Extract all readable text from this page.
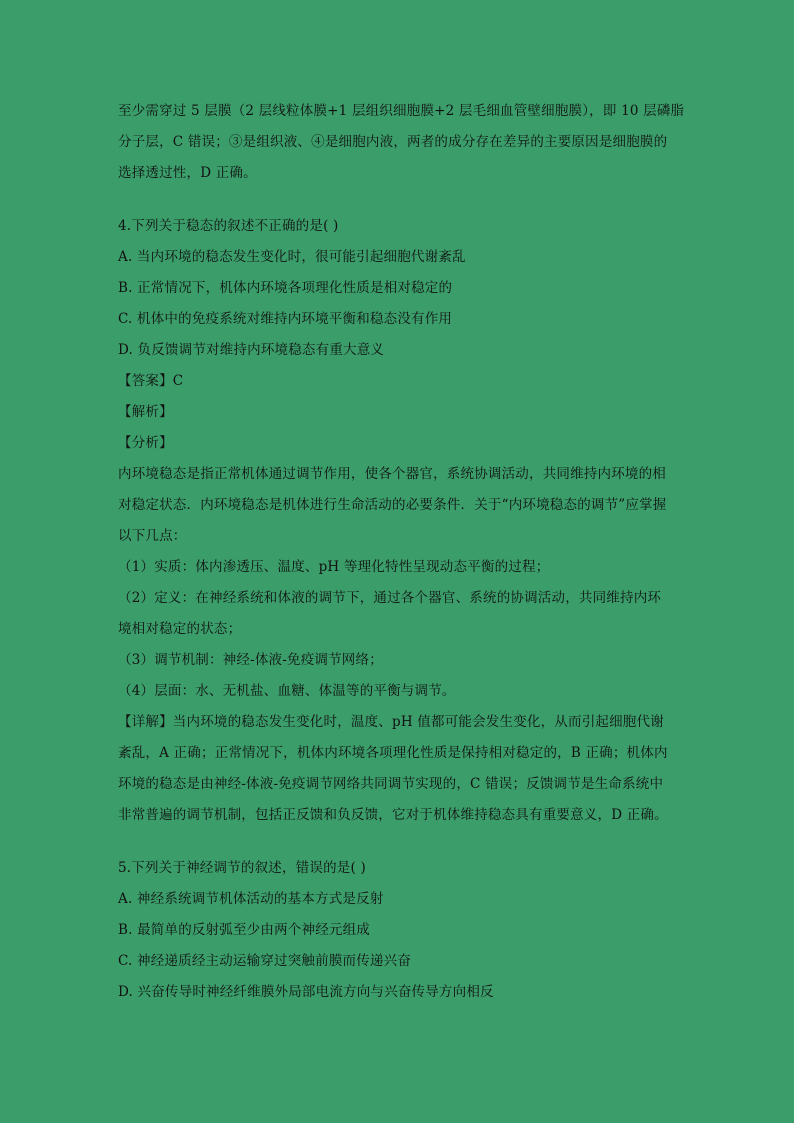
至少需穿过 5 层膜（2 层线粒体膜+1 层组织细胞膜+2 层毛细血管壁细胞膜），即 10 层磷脂
分子层，C 错误；③是组织液、④是细胞内液，两者的成分存在差异的主要原因是细胞膜的
选择透过性，D 正确。
4.下列关于稳态的叙述不正确的是( )
A. 当内环境的稳态发生变化时，很可能引起细胞代谢紊乱
B. 正常情况下，机体内环境各项理化性质是相对稳定的
C. 机体中的免疫系统对维持内环境平衡和稳态没有作用
D. 负反馈调节对维持内环境稳态有重大意义
【答案】C
【解析】
【分析】
内环境稳态是指正常机体通过调节作用，使各个器官，系统协调活动，共同维持内环境的相
对稳定状态．内环境稳态是机体进行生命活动的必要条件．关于“内环境稳态的调节”应掌握
以下几点：
（1）实质：体内渗透压、温度、pH 等理化特性呈现动态平衡的过程；
（2）定义：在神经系统和体液的调节下，通过各个器官、系统的协调活动，共同维持内环
境相对稳定的状态；
（3）调节机制：神经-体液-免疫调节网络；
（4）层面：水、无机盐、血糖、体温等的平衡与调节。
【详解】当内环境的稳态发生变化时，温度、pH 值都可能会发生变化，从而引起细胞代谢
紊乱，A 正确；正常情况下，机体内环境各项理化性质是保持相对稳定的，B 正确；机体内
环境的稳态是由神经-体液-免疫调节网络共同调节实现的，C 错误；反馈调节是生命系统中
非常普遍的调节机制，包括正反馈和负反馈，它对于机体维持稳态具有重要意义，D 正确。
5.下列关于神经调节的叙述，错误的是( )
A. 神经系统调节机体活动的基本方式是反射
B. 最简单的反射弧至少由两个神经元组成
C. 神经递质经主动运输穿过突触前膜而传递兴奋
D. 兴奋传导时神经纤维膜外局部电流方向与兴奋传导方向相反
